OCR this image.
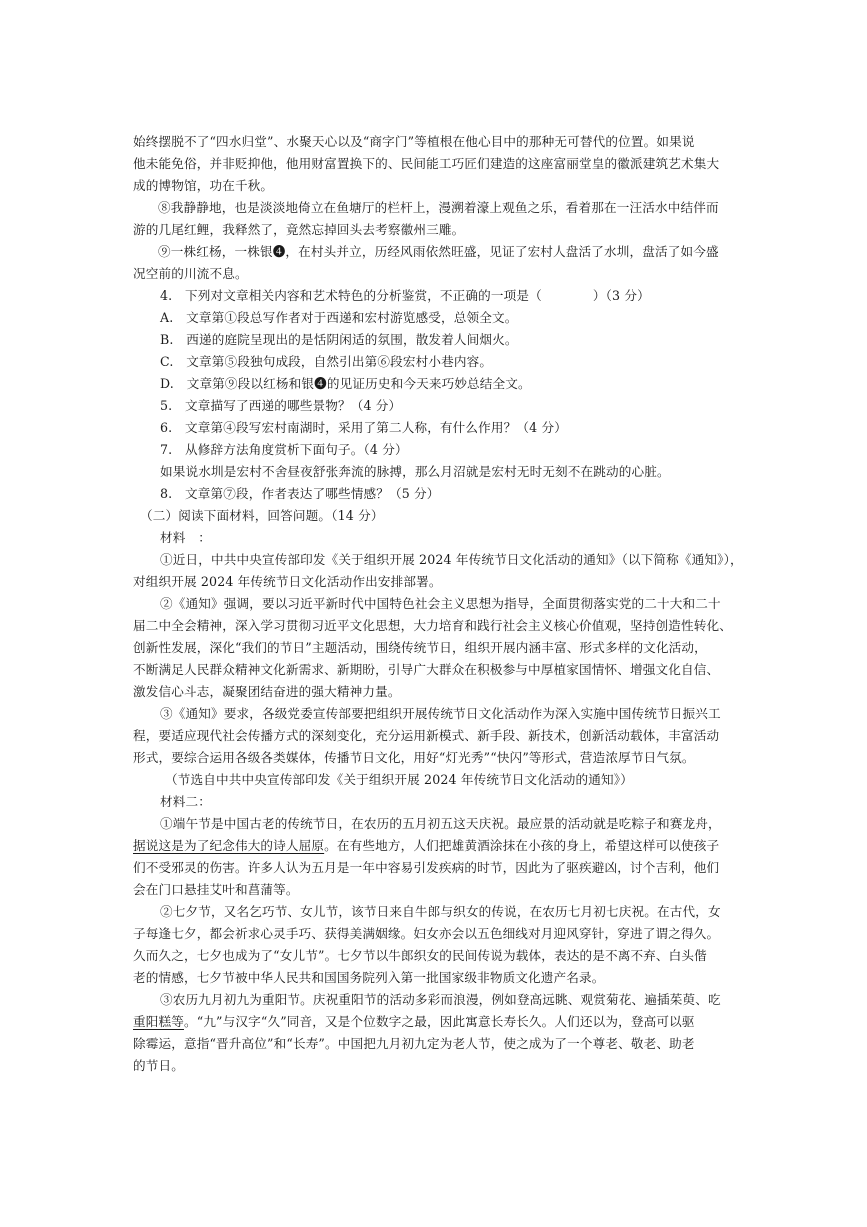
始终摆脱不了“四水归堂”、水聚天心以及“商字门”等植根在他心目中的那种无可替代的位置。如果说
他未能免俗，并非贬抑他，他用财富置换下的、民间能工巧匠们建造的这座富丽堂皇的徽派建筑艺术集大
成的博物馆，功在千秋。
⑧我静静地，也是淡淡地倚立在鱼塘厅的栏杆上，漫溯着濠上观鱼之乐，看着那在一汪活水中结伴而
游的几尾红鲤，我释然了，竟然忘掉回头去考察徽州三雕。
⑨一株红杨，一株银❹，在村头并立，历经风雨依然旺盛，见证了宏村人盘活了水圳，盘活了如今盛
况空前的川流不息。
4.　下列对文章相关内容和艺术特色的分析鉴赏，不正确的一项是（　　　　）（3 分）
A.　文章第①段总写作者对于西递和宏村游览感受，总领全文。
B.　西递的庭院呈现出的是恬阴闲适的氛围，散发着人间烟火。
C.　文章第⑤段独句成段，自然引出第⑥段宏村小巷内容。
D.　文章第⑨段以红杨和银❹的见证历史和今天来巧妙总结全文。
5.　文章描写了西递的哪些景物？（4 分）
6.　文章第④段写宏村南湖时，采用了第二人称，有什么作用？（4 分）
7.　从修辞方法角度赏析下面句子。（4 分）
如果说水圳是宏村不舍昼夜舒张奔流的脉搏，那么月沼就是宏村无时无刻不在跳动的心脏。
8.　文章第⑦段，作者表达了哪些情感？（5 分）
（二）阅读下面材料，回答问题。（14 分）
材料　：
①近日，中共中央宣传部印发《关于组织开展 2024 年传统节日文化活动的通知》（以下简称《通知》），
对组织开展 2024 年传统节日文化活动作出安排部署。
②《通知》强调，要以习近平新时代中国特色社会主义思想为指导，全面贯彻落实党的二十大和二十
届二中全会精神，深入学习贯彻习近平文化思想，大力培育和践行社会主义核心价值观，坚持创造性转化、
创新性发展，深化“我们的节日”主题活动，围绕传统节日，组织开展内涵丰富、形式多样的文化活动，
不断满足人民群众精神文化新需求、新期盼，引导广大群众在积极参与中厚植家国情怀、增强文化自信、
激发信心斗志，凝聚团结奋进的强大精神力量。
③《通知》要求，各级党委宣传部要把组织开展传统节日文化活动作为深入实施中国传统节日振兴工
程，要适应现代社会传播方式的深刻变化，充分运用新模式、新手段、新技术，创新活动载体，丰富活动
形式，要综合运用各级各类媒体，传播节日文化，用好“灯光秀”“快闪”等形式，营造浓厚节日气氛。
（节选自中共中央宣传部印发《关于组织开展 2024 年传统节日文化活动的通知》）
材料二：
①端午节是中国古老的传统节日，在农历的五月初五这天庆祝。最应景的活动就是吃粽子和赛龙舟，
据说这是为了纪念伟大的诗人屈原。在有些地方，人们把雄黄酒涂抹在小孩的身上，希望这样可以使孩子
们不受邪灵的伤害。许多人认为五月是一年中容易引发疾病的时节，因此为了驱疾避凶，讨个吉利，他们
会在门口悬挂艾叶和菖蒲等。
②七夕节，又名乞巧节、女儿节，该节日来自牛郎与织女的传说，在农历七月初七庆祝。在古代，女
子每逢七夕，都会祈求心灵手巧、获得美满姻缘。妇女亦会以五色细线对月迎风穿针，穿进了谓之得久。
久而久之，七夕也成为了“女儿节”。七夕节以牛郎织女的民间传说为载体，表达的是不离不弃、白头偕
老的情感，七夕节被中华人民共和国国务院列入第一批国家级非物质文化遗产名录。
③农历九月初九为重阳节。庆祝重阳节的活动多彩而浪漫，例如登高远眺、观赏菊花、遍插茱萸、吃
重阳糕等。“九”与汉字“久”同音，又是个位数字之最，因此寓意长寿长久。人们还以为，登高可以驱
除霉运，意指“晋升高位”和“长寿”。中国把九月初九定为老人节，使之成为了一个尊老、敬老、助老
的节日。
